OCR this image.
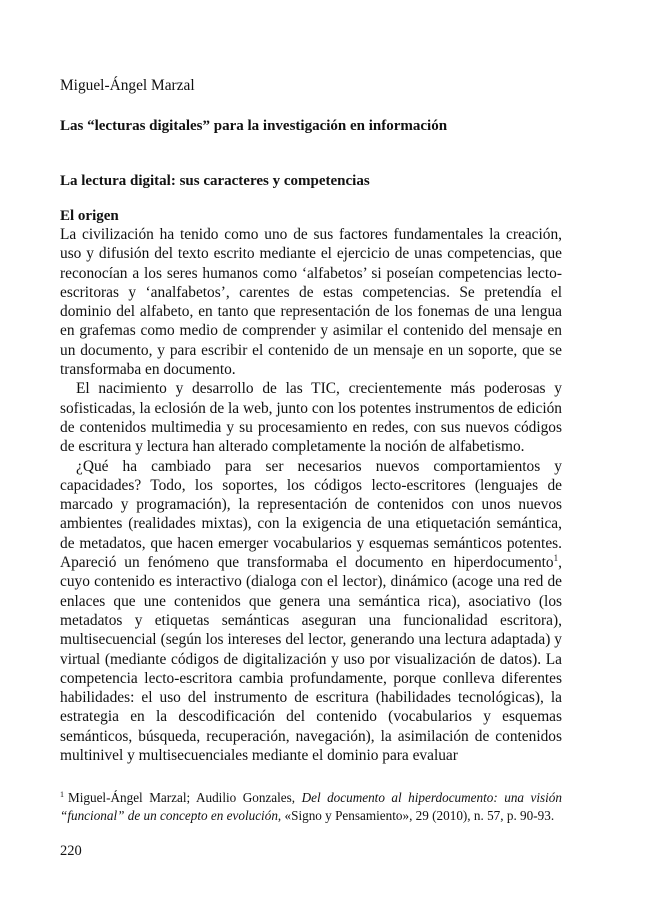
Miguel-Ángel Marzal
Las “lecturas digitales” para la investigación en información
La lectura digital: sus caracteres y competencias
El origen

La civilización ha tenido como uno de sus factores fundamentales la creación, uso y difusión del texto escrito mediante el ejercicio de unas competencias, que reconocían a los seres humanos como ‘alfabetos’ si poseían competencias lecto-escritoras y ‘analfabetos’, carentes de estas competencias. Se pretendía el dominio del alfabeto, en tanto que representación de los fonemas de una lengua en grafemas como medio de comprender y asimilar el contenido del mensaje en un documento, y para escribir el contenido de un mensaje en un soporte, que se transformaba en documento.

El nacimiento y desarrollo de las TIC, crecientemente más poderosas y sofisticadas, la eclosión de la web, junto con los potentes instrumentos de edición de contenidos multimedia y su procesamiento en redes, con sus nuevos códigos de escritura y lectura han alterado completamente la noción de alfabetismo.

¿Qué ha cambiado para ser necesarios nuevos comportamientos y capacidades? Todo, los soportes, los códigos lecto-escritores (lenguajes de marcado y programación), la representación de contenidos con unos nuevos ambientes (realidades mixtas), con la exigencia de una etiquetación semántica, de metadatos, que hacen emerger vocabularios y esquemas semánticos potentes. Apareció un fenómeno que transformaba el documento en hiperdocumento$^1$, cuyo contenido es interactivo (dialoga con el lector), dinámico (acoge una red de enlaces que une contenidos que genera una semántica rica), asociativo (los metadatos y etiquetas semánticas aseguran una funcionalidad escritora), multisecuencial (según los intereses del lector, generando una lectura adaptada) y virtual (mediante códigos de digitalización y uso por visualización de datos). La competencia lecto-escritora cambia profundamente, porque conlleva diferentes habilidades: el uso del instrumento de escritura (habilidades tecnológicas), la estrategia en la descodificación del contenido (vocabularios y esquemas semánticos, búsqueda, recuperación, navegación), la asimilación de contenidos multinivel y multisecuenciales mediante el dominio para evaluar

$^1$ Miguel-Ángel Marzal; Audilio Gonzales, Del documento al hiperdocumento: una visión “funcional” de un concepto en evolución, «Signo y Pensamiento», 29 (2010), n. 57, p. 90-93.
220
